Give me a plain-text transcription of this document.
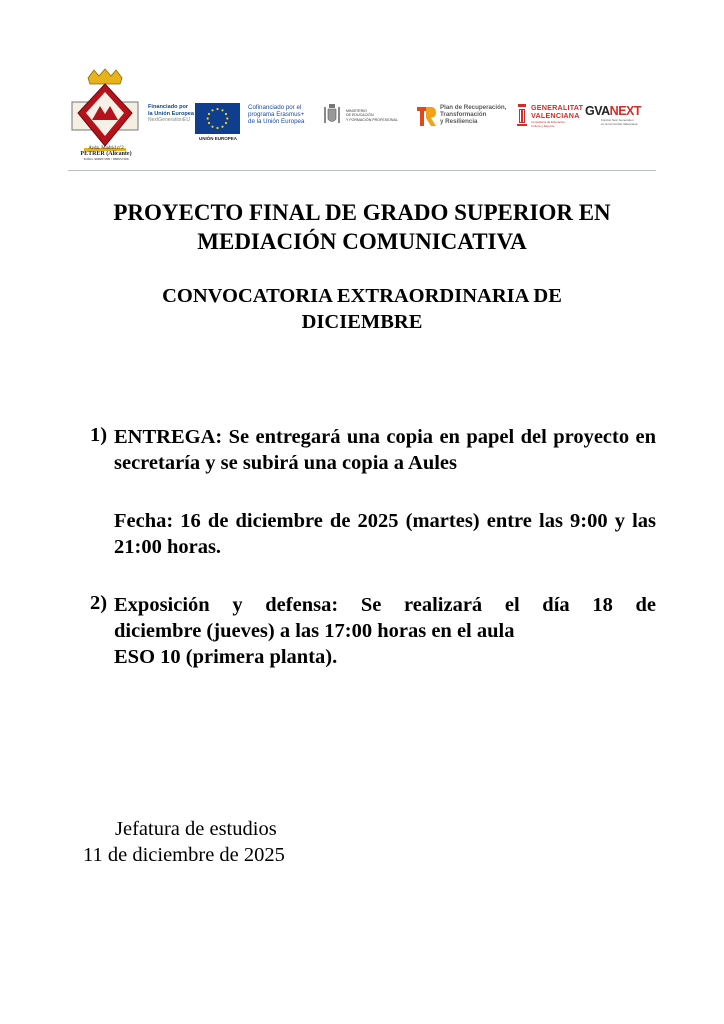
Avda. Madrid nº2
PETRER (Alicante)
Telfno: 966957200 / 966957206
Financiado por
la Unión Europea
NextGenerationEU
UNIÓN EUROPEA
Cofinanciado por el
programa Erasmus+
de la Unión Europea
MINISTERIO
DE EDUCACIÓN
Y FORMACIÓN PROFESIONAL
Plan de Recuperación,
Transformación
y Resiliencia
GENERALITAT
VALENCIANA
Conselleria de Educación,
Cultura y Deporte
GVANEXT
Fondos Next Generation
en la Comunitat Valenciana
PROYECTO FINAL DE GRADO SUPERIOR EN
MEDIACIÓN COMUNICATIVA
CONVOCATORIA EXTRAORDINARIA DE
DICIEMBRE
1) ENTREGA: Se entregará una copia en papel del proyecto en secretaría y se subirá una copia a Aules
Fecha: 16 de diciembre de 2025 (martes) entre las 9:00 y las 21:00 horas.
2) Exposición y defensa: Se realizará el día 18 de
diciembre (jueves) a las 17:00 horas en el aula
ESO 10 (primera planta).
Jefatura de estudios
11 de diciembre de 2025
